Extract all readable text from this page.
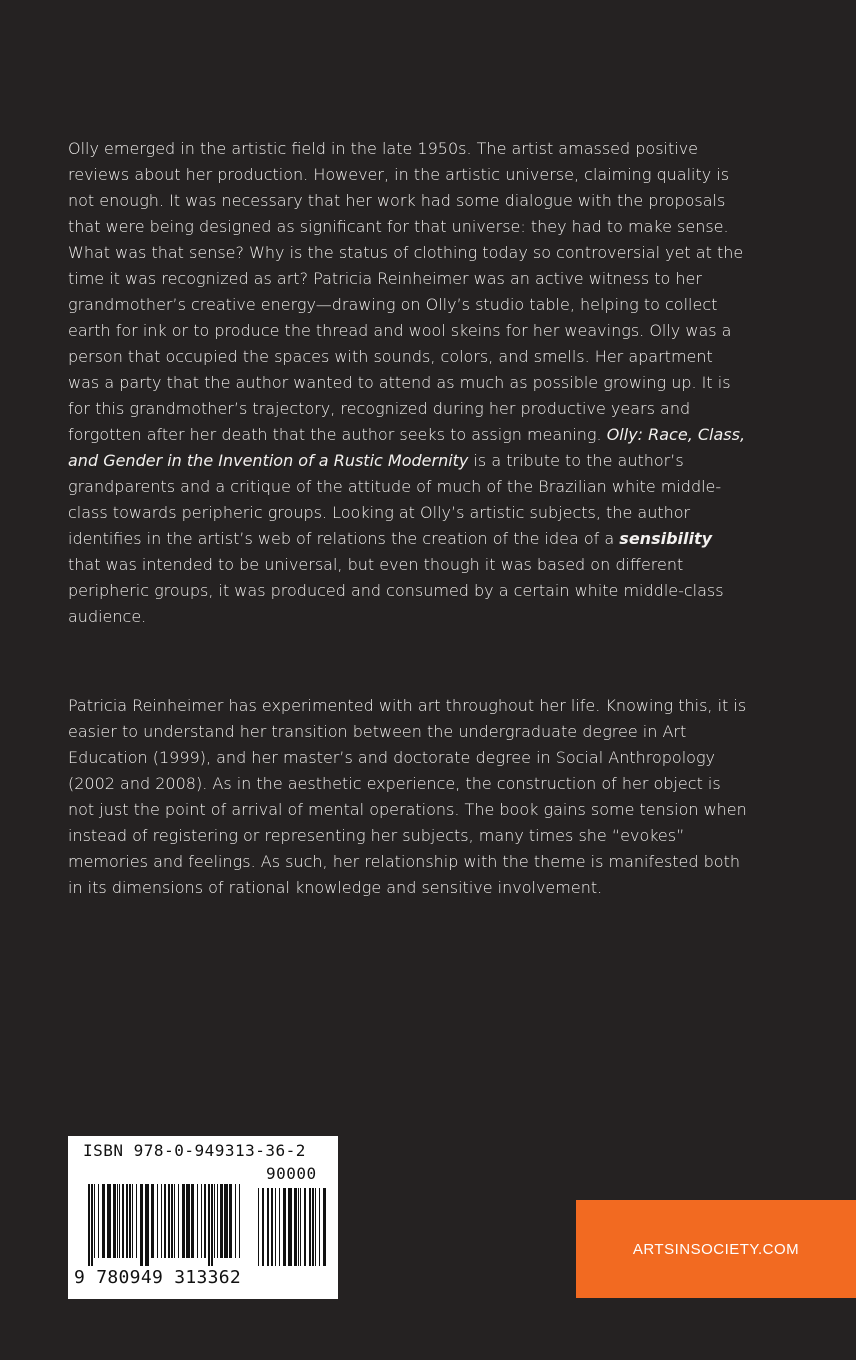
Olly emerged in the artistic field in the late 1950s. The artist amassed positive reviews about her production. However, in the artistic universe, claiming quality is not enough. It was necessary that her work had some dialogue with the proposals that were being designed as significant for that universe: they had to make sense. What was that sense? Why is the status of clothing today so controversial yet at the time it was recognized as art? Patricia Reinheimer was an active witness to her grandmother’s creative energy—drawing on Olly’s studio table, helping to collect earth for ink or to produce the thread and wool skeins for her weavings. Olly was a person that occupied the spaces with sounds, colors, and smells. Her apartment was a party that the author wanted to attend as much as possible growing up. It is for this grandmother’s trajectory, recognized during her productive years and forgotten after her death that the author seeks to assign meaning. Olly: Race, Class, and Gender in the Invention of a Rustic Modernity is a tribute to the author’s grandparents and a critique of the attitude of much of the Brazilian white middle-class towards peripheric groups. Looking at Olly’s artistic subjects, the author identifies in the artist’s web of relations the creation of the idea of a sensibility that was intended to be universal, but even though it was based on different peripheric groups, it was produced and consumed by a certain white middle-class audience.

Patricia Reinheimer has experimented with art throughout her life. Knowing this, it is easier to understand her transition between the undergraduate degree in Art Education (1999), and her master’s and doctorate degree in Social Anthropology (2002 and 2008). As in the aesthetic experience, the construction of her object is not just the point of arrival of mental operations. The book gains some tension when instead of registering or representing her subjects, many times she “evokes” memories and feelings. As such, her relationship with the theme is manifested both in its dimensions of rational knowledge and sensitive involvement.

ISBN 978-0-949313-36-2
90000
9 780949 313362
ARTSINSOCIETY.COM
